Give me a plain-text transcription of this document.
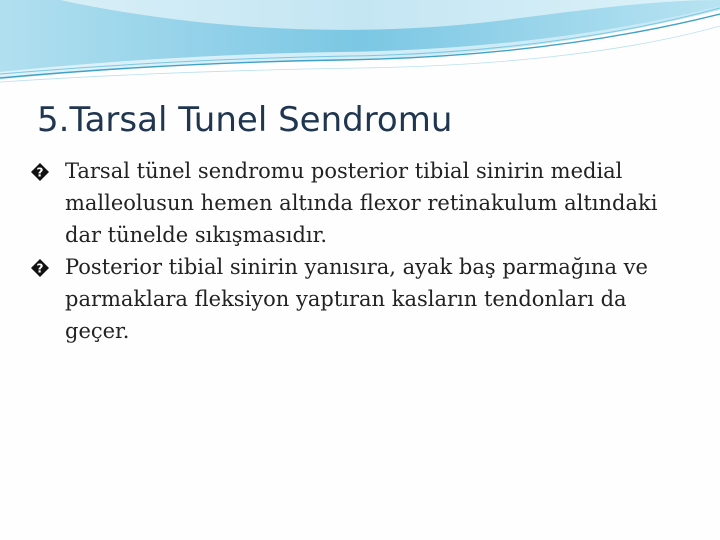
5.Tarsal Tunel Sendromu
? Tarsal tünel sendromu posterior tibial sinirin medial malleolusun hemen altında flexor retinakulum altındaki dar tünelde sıkışmasıdır.
? Posterior tibial sinirin yanısıra, ayak baş parmağına ve parmaklara fleksiyon yaptıran kasların tendonları da geçer.
